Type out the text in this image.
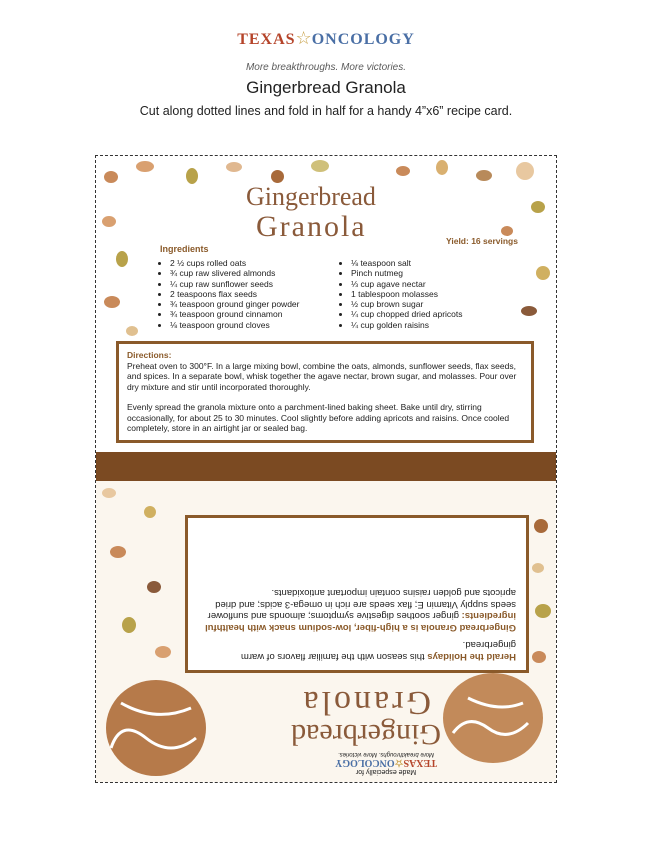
TEXAS☆ONCOLOGY
More breakthroughs. More victories.
Gingerbread Granola
Cut along dotted lines and fold in half for a handy 4”x6” recipe card.
Gingerbread
Granola
Ingredients
Yield: 16 servings
• 2 ½ cups rolled oats
• ¾ cup raw slivered almonds
• ¼ cup raw sunflower seeds
• 2 teaspoons flax seeds
• ¾ teaspoon ground ginger powder
• ¾ teaspoon ground cinnamon
• ⅛ teaspoon ground cloves
• ⅛ teaspoon salt
• Pinch nutmeg
• ⅓ cup agave nectar
• 1 tablespoon molasses
• ½ cup brown sugar
• ¼ cup chopped dried apricots
• ¼ cup golden raisins
Directions:

Preheat oven to 300°F. In a large mixing bowl, combine the oats, almonds, sunflower seeds, flax seeds, and spices. In a separate bowl, whisk together the agave nectar, brown sugar, and molasses. Pour over dry mixture and stir until incorporated thoroughly.

Evenly spread the granola mixture onto a parchment-lined baking sheet. Bake until dry, stirring occasionally, for about 25 to 30 minutes. Cool slightly before adding apricots and raisins. Once cooled completely, store in an airtight jar or sealed bag.

Made especially for
TEXAS☆ONCOLOGY
More breakthroughs. More victories.
Gingerbread
Granola

Herald the Holidays this season with the familiar flavors of warm gingerbread.

Gingerbread Granola is a high-fiber, low-sodium snack with healthful ingredients: ginger soothes digestive symptoms; almonds and sunflower seeds supply Vitamin E; flax seeds are rich in omega-3 acids; and dried apricots and golden raisins contain important antioxidants.
